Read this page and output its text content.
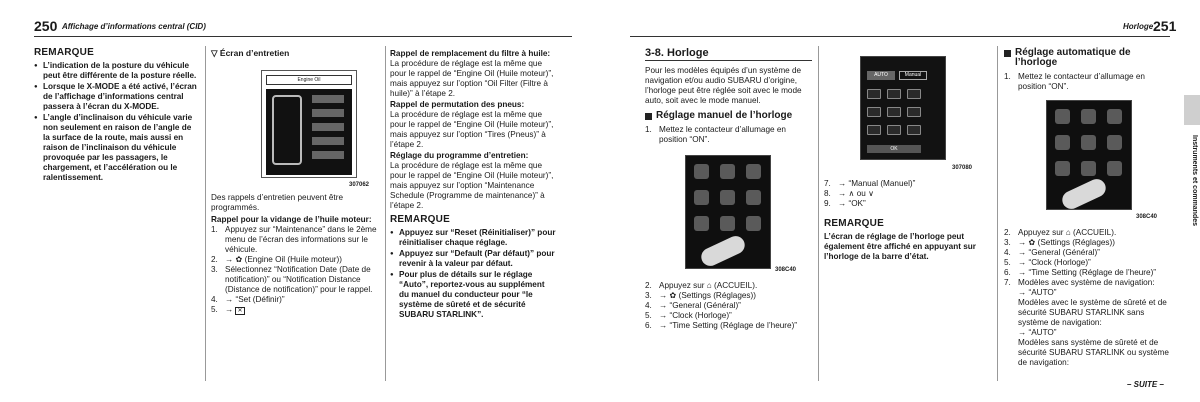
250 Affichage d’informations central (CID)
REMARQUE
● L’indication de la posture du véhicule peut être différente de la posture réelle.
● Lorsque le X-MODE a été activé, l’écran de l’affichage d’informations central passera à l’écran du X-MODE.
● L’angle d’inclinaison du véhicule varie non seulement en raison de l’angle de la surface de la route, mais aussi en raison de l’inclinaison du véhicule provoquée par les passagers, le chargement, et l’accélération ou le ralentissement.
▽ Écran d’entretien
Engine Oil
307062
Des rappels d’entretien peuvent être programmés.
Rappel pour la vidange de l’huile moteur:
1. Appuyez sur “Maintenance” dans le 2ème menu de l’écran des informations sur le véhicule.
2. → ✿ (Engine Oil (Huile moteur))
3. Sélectionnez “Notification Date (Date de notification)” ou “Notification Distance (Distance de notification)” pour le rappel.
4. → “Set (Définir)”
5. → ✕
Rappel de remplacement du filtre à huile:
La procédure de réglage est la même que pour le rappel de “Engine Oil (Huile moteur)”, mais appuyez sur l’option “Oil Filter (Filtre à huile)” à l’étape 2.
Rappel de permutation des pneus:
La procédure de réglage est la même que pour le rappel de “Engine Oil (Huile moteur)”, mais appuyez sur l’option “Tires (Pneus)” à l’étape 2.
Réglage du programme d’entretien:
La procédure de réglage est la même que pour le rappel de “Engine Oil (Huile moteur)”, mais appuyez sur l’option “Maintenance Schedule (Programme de maintenance)” à l’étape 2.
REMARQUE
● Appuyez sur “Reset (Réinitialiser)” pour réinitialiser chaque réglage.
● Appuyez sur “Default (Par défaut)” pour revenir à la valeur par défaut.
● Pour plus de détails sur le réglage “Auto”, reportez-vous au supplément du manuel du conducteur pour “le système de sûreté et de sécurité SUBARU STARLINK”.
Horloge 251
3-8. Horloge
Pour les modèles équipés d’un système de navigation et/ou audio SUBARU d’origine, l’horloge peut être réglée soit avec le mode auto, soit avec le mode manuel.
Réglage manuel de l’horloge
1. Mettez le contacteur d’allumage en position “ON”.
308C40
2. Appuyez sur ⌂ (ACCUEIL).
3. → ✿ (Settings (Réglages))
4. → “General (Général)”
5. → “Clock (Horloge)”
6. → “Time Setting (Réglage de l’heure)”
AUTO	Manual
OK
307080
7. → “Manual (Manuel)”
8. → ∧ ou ∨
9. → “OK”
REMARQUE
L’écran de réglage de l’horloge peut également être affiché en appuyant sur l’horloge de la barre d’état.
Réglage automatique de l’horloge
1. Mettez le contacteur d’allumage en position “ON”.
308C40
2. Appuyez sur ⌂ (ACCUEIL).
3. → ✿ (Settings (Réglages))
4. → “General (Général)”
5. → “Clock (Horloge)”
6. → “Time Setting (Réglage de l’heure)”
7. Modèles avec système de navigation:
→ “AUTO”
Modèles avec le système de sûreté et de sécurité SUBARU STARLINK sans système de navigation:
→ “AUTO”
Modèles sans système de sûreté et de sécurité SUBARU STARLINK ou système de navigation:
– SUITE –
Instruments et commandes
